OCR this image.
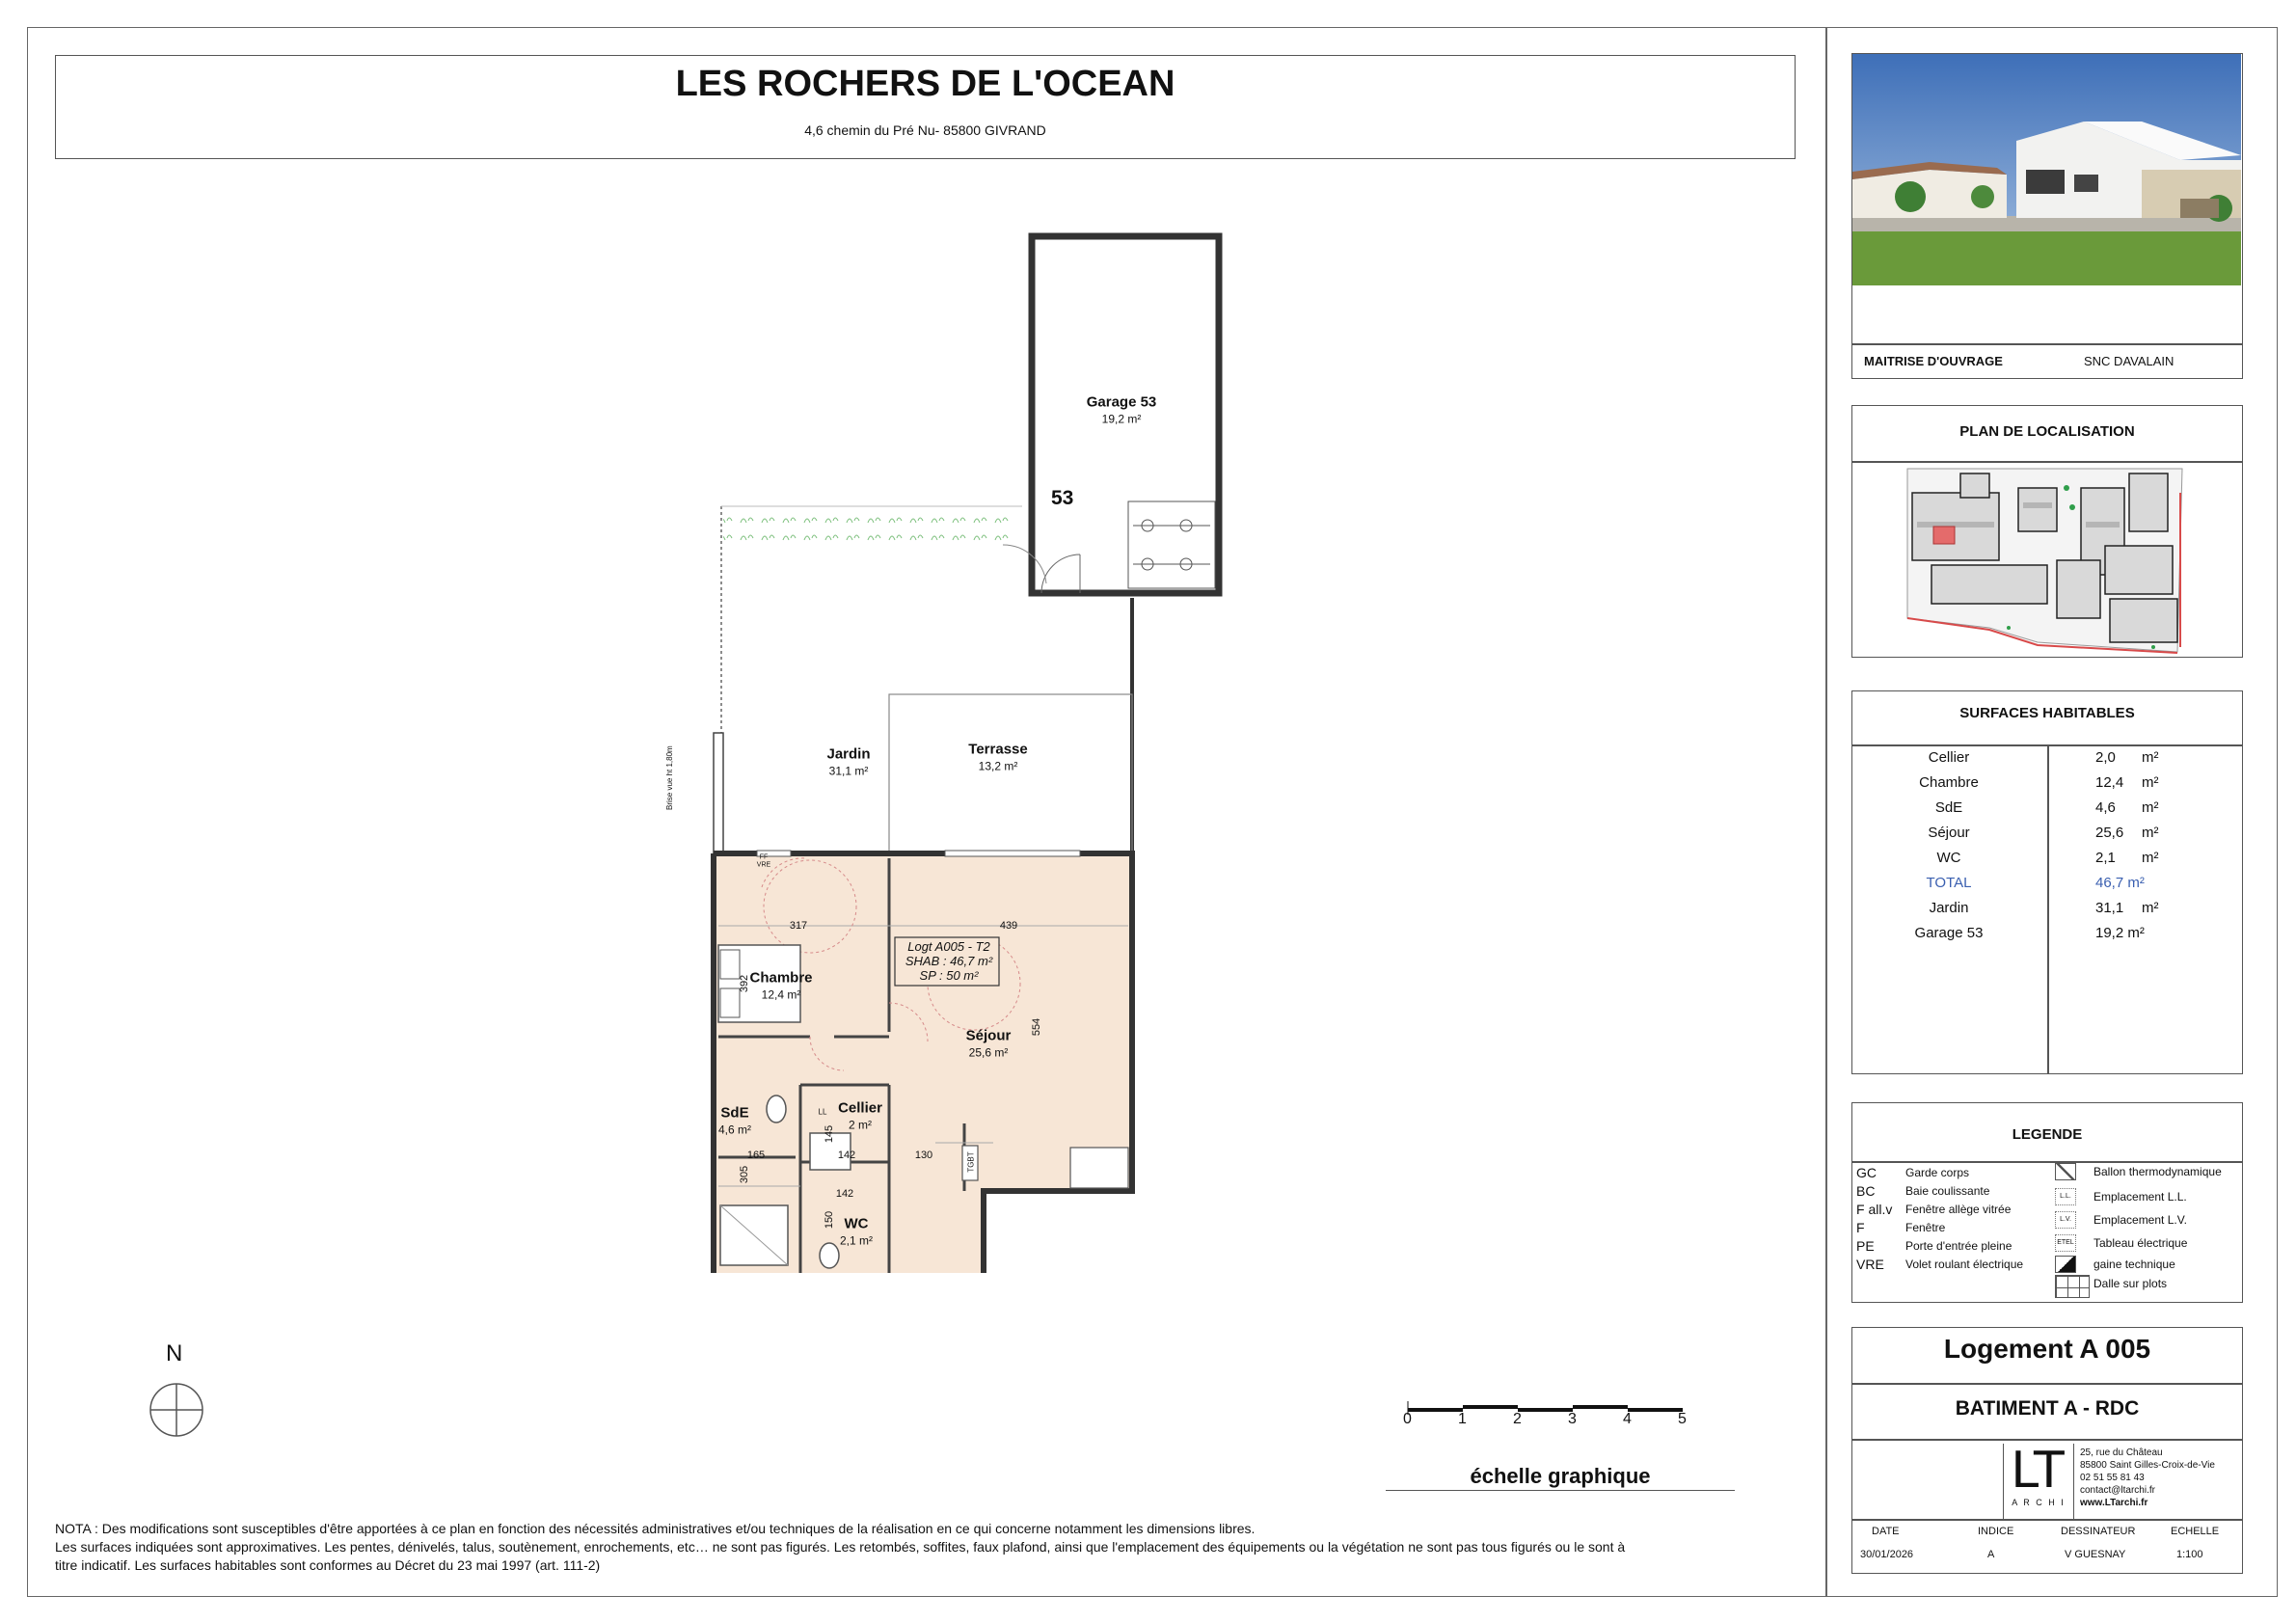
LES ROCHERS DE L'OCEAN
4,6 chemin du Pré Nu- 85800 GIVRAND
MAITRISE D'OUVRAGE	SNC DAVALAIN
PLAN DE LOCALISATION
SURFACES HABITABLES
Cellier	2,0 m²
Chambre	12,4 m²
SdE	4,6 m²
Séjour	25,6 m²
WC	2,1 m²
TOTAL	46,7 m²
Jardin	31,1 m²
Garage 53	19,2 m²
LEGENDE
GC	Garde corps
BC	Baie coulissante
F all.v Fenêtre allège vitrée
F	Fenêtre
PE	Porte d'entrée pleine
VRE Volet roulant électrique
Ballon thermodynamique
L.L.	Emplacement L.L.
L.V.	Emplacement L.V.
ETEL Tableau électrique
gaine technique
Dalle sur plots
Logement A 005
BATIMENT A - RDC
LT
A R C H I
25, rue du Château
85800 Saint Gilles-Croix-de-Vie
02 51 55 81 43
contact@ltarchi.fr
www.LTarchi.fr
DATE	INDICE	DESSINATEUR	ECHELLE
30/01/2026	A	V GUESNAY	1:100
Garage 53
19,2 m²
53
Jardin
31,1 m²
Terrasse
13,2 m²
Chambre
12,4 m²
Séjour
25,6 m²
SdE
4,6 m²
Cellier
2 m²
WC
2,1 m²
Logt A005 - T2
SHAB : 46,7 m²
SP : 50 m²
Brise vue ht 1,80m
317	439
392
554
165	142	130
305
142
150
145
FF
VRE
LL
TGBT
N
0	1	2	3	4	5
échelle graphique
NOTA : Des modifications sont susceptibles d'être apportées à ce plan en fonction des nécessités administratives et/ou techniques de la réalisation en ce qui concerne notamment les dimensions libres.
Les surfaces indiquées sont approximatives. Les pentes, dénivelés, talus, soutènement, enrochements, etc… ne sont pas figurés. Les retombés, soffites, faux plafond, ainsi que l'emplacement des équipements ou la végétation ne sont pas tous figurés ou le sont à
titre indicatif. Les surfaces habitables sont conformes au Décret du 23 mai 1997 (art. 111-2)
